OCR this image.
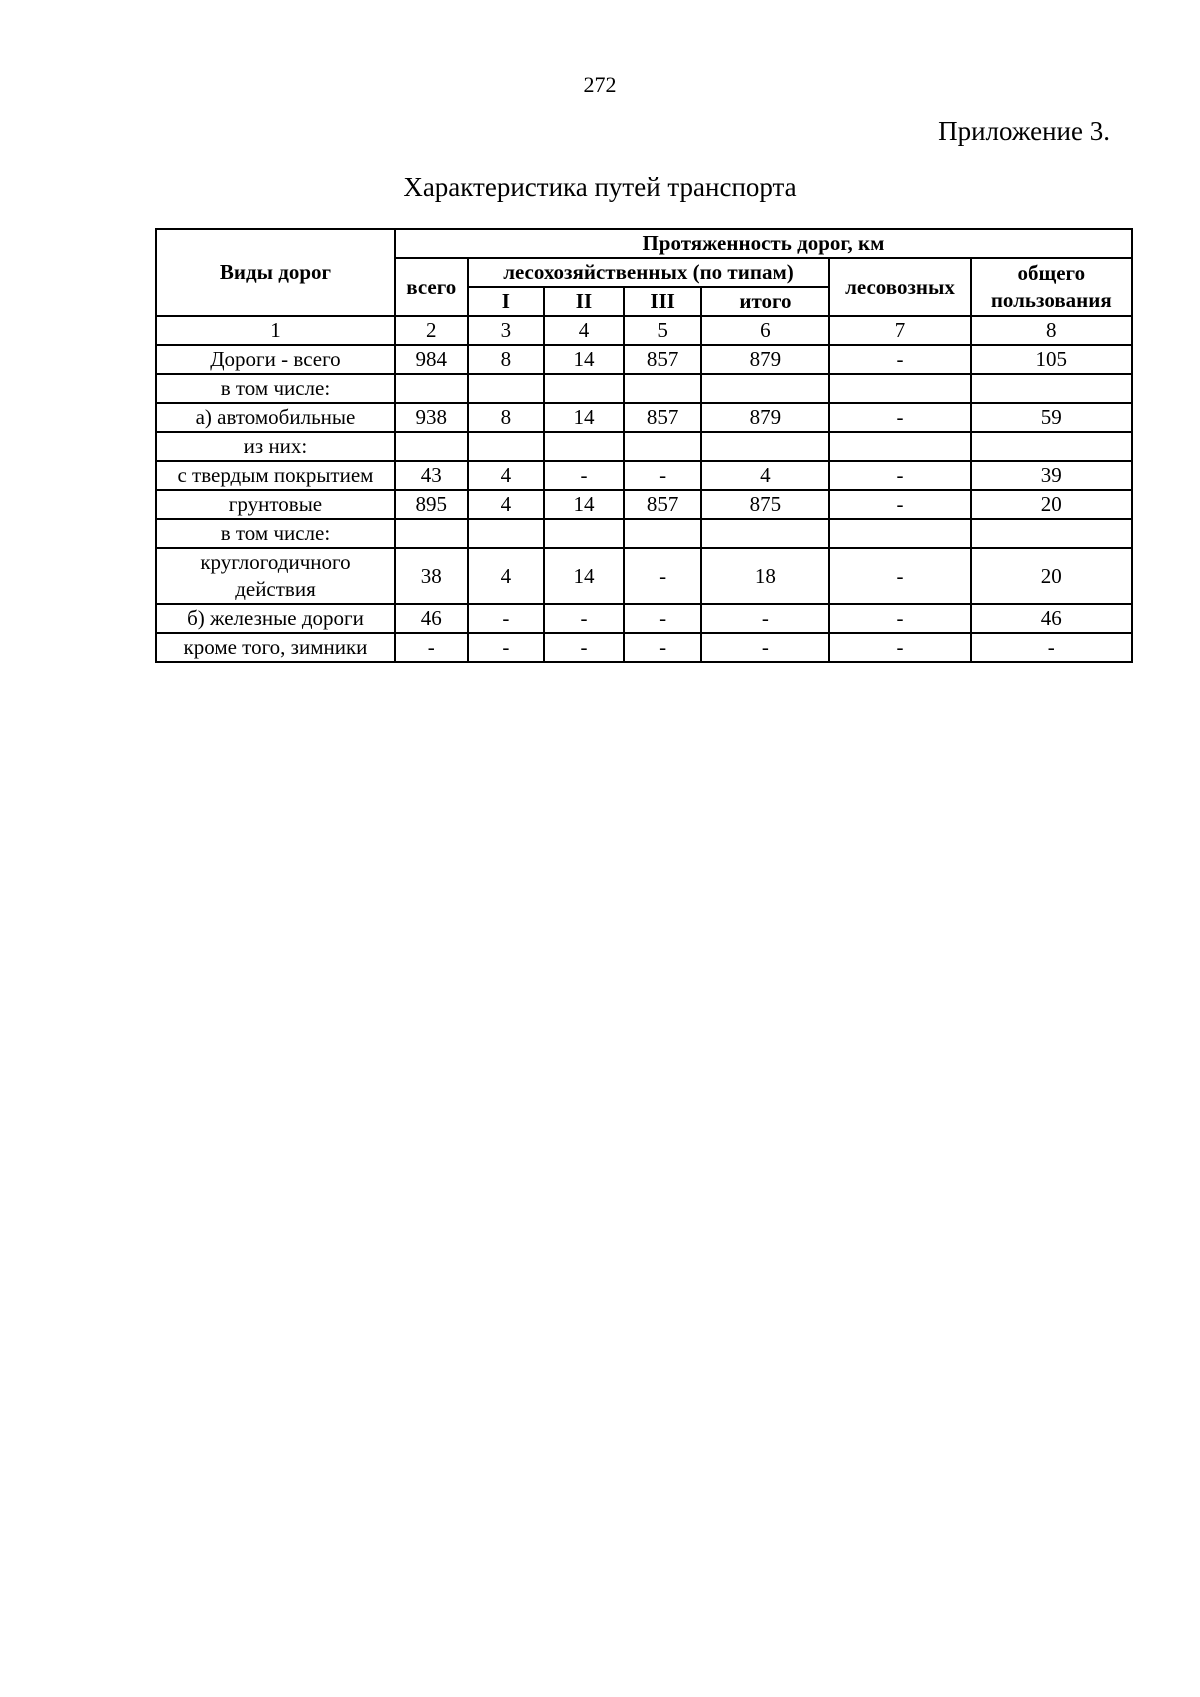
272
Приложение 3.
Характеристика путей транспорта
Виды дорог	Протяженность дорог, км						
	всего	лесохозяйственных (по типам)				лесовозных	общего пользования
		I	II	III	итого		
1	2	3	4	5	6	7	8
Дороги - всего	984	8	14	857	879	-	105
в том числе:							
а) автомобильные	938	8	14	857	879	-	59
из них:							
с твердым покрытием	43	4	-	-	4	-	39
грунтовые	895	4	14	857	875	-	20
в том числе:							
круглогодичного действия	38	4	14	-	18	-	20
б) железные дороги	46	-	-	-	-	-	46
кроме того, зимники	-	-	-	-	-	-	-
